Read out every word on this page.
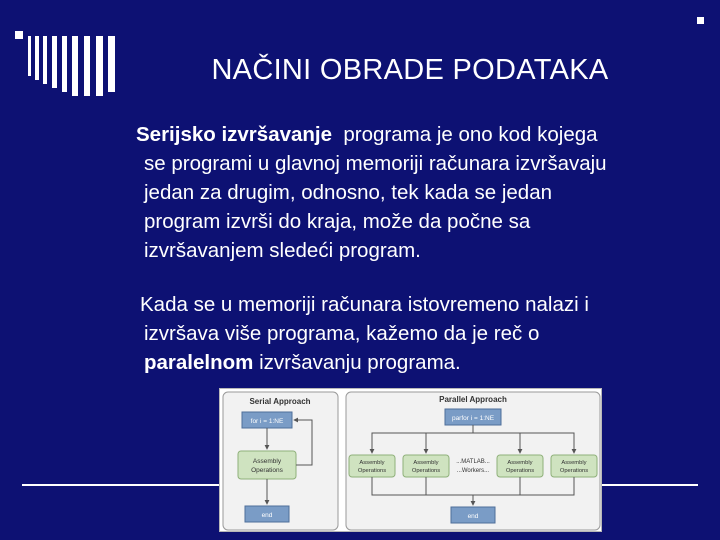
NAČINI OBRADE PODATAKA
Serijsko izvršavanje  programa je ono kod kojega
se programi u glavnoj memoriji računara izvršavaju
jedan za drugim, odnosno, tek kada se jedan
program izvrši do kraja, može da počne sa
izvršavanjem sledeći program.
Kada se u memoriji računara istovremeno nalazi i
izvršava više programa, kažemo da je reč o
paralelnom izvršavanju programa.
Serial Approach
for i = 1:NE
Assembly
Operations
end
Parallel Approach
parfor i = 1:NE
Assembly
Operations
Assembly
Operations
...MATLAB...
...Workers...
Assembly
Operations
Assembly
Operations
end
